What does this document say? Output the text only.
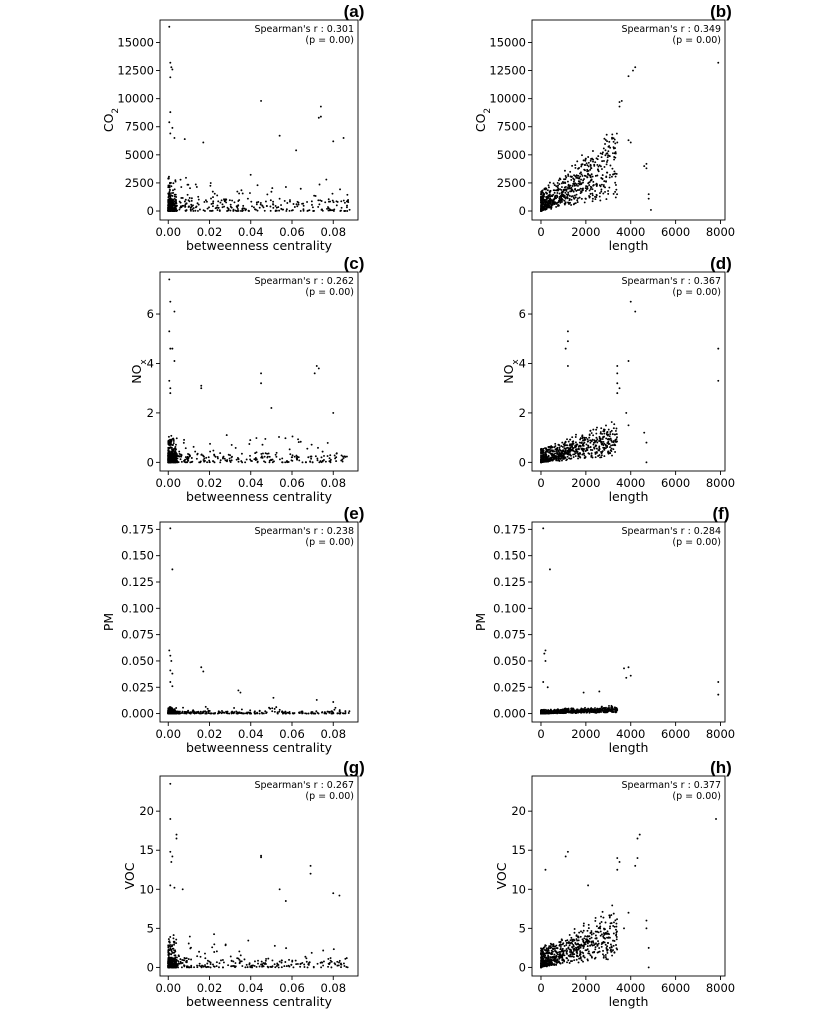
0.00 0.02 0.04 0.06 0.08
0
2500
5000
7500
10000
12500
15000
betweenness centrality
$CO_2$
Spearman's r : 0.301
(p = 0.00)
(a)
0 2000 4000 6000 8000
0
2500
5000
7500
10000
12500
15000
length
$CO_2$
Spearman's r : 0.349
(p = 0.00)
(b)
0.00 0.02 0.04 0.06 0.08
0
2
4
6
betweenness centrality
$NO_x$
Spearman's r : 0.262
(p = 0.00)
(c)
0 2000 4000 6000 8000
0
2
4
6
length
$NO_x$
Spearman's r : 0.367
(p = 0.00)
(d)
0.00 0.02 0.04 0.06 0.08
0.000
0.025
0.050
0.075
0.100
0.125
0.150
0.175
betweenness centrality
PM
Spearman's r : 0.238
(p = 0.00)
(e)
0 2000 4000 6000 8000
0.000
0.025
0.050
0.075
0.100
0.125
0.150
0.175
length
PM
Spearman's r : 0.284
(p = 0.00)
(f)
0.00 0.02 0.04 0.06 0.08
0
5
10
15
20
betweenness centrality
VOC
Spearman's r : 0.267
(p = 0.00)
(g)
0 2000 4000 6000 8000
0
5
10
15
20
length
VOC
Spearman's r : 0.377
(p = 0.00)
(h)
